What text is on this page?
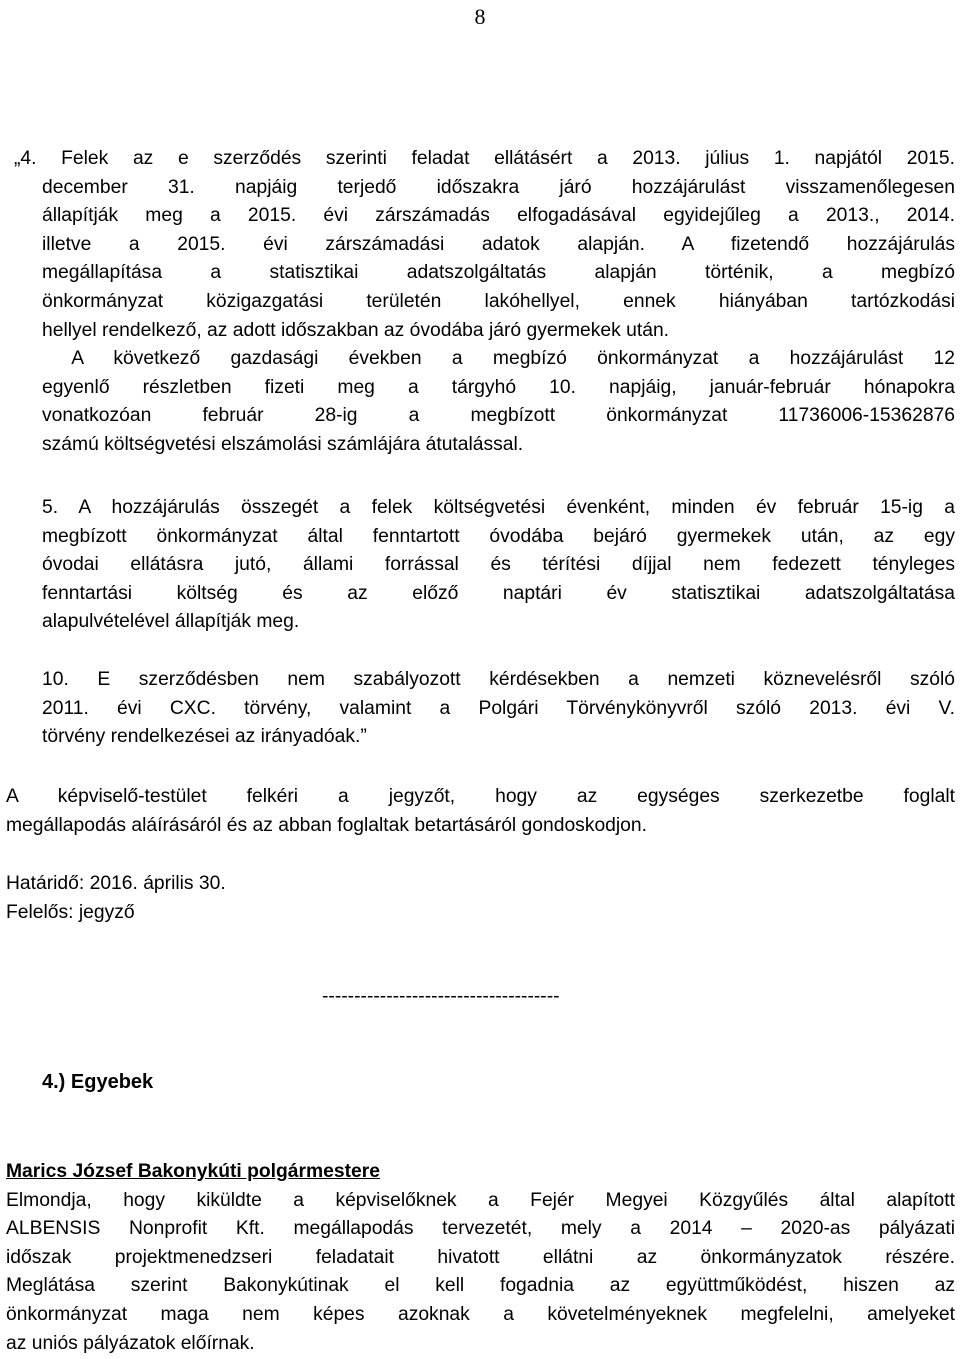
8
„4. Felek az e szerződés szerinti feladat ellátásért a 2013. július 1. napjától 2015.
december 31. napjáig terjedő időszakra járó hozzájárulást visszamenőlegesen
állapítják meg a 2015. évi zárszámadás elfogadásával egyidejűleg a 2013., 2014.
illetve a 2015. évi zárszámadási adatok alapján. A fizetendő hozzájárulás
megállapítása a statisztikai adatszolgáltatás alapján történik, a megbízó
önkormányzat közigazgatási területén lakóhellyel, ennek hiányában tartózkodási
hellyel rendelkező, az adott időszakban az óvodába járó gyermekek után.
A következő gazdasági években a megbízó önkormányzat a hozzájárulást 12
egyenlő részletben fizeti meg a tárgyhó 10. napjáig, január-február hónapokra
vonatkozóan február 28-ig a megbízott önkormányzat 11736006-15362876
számú költségvetési elszámolási számlájára átutalással.
5. A hozzájárulás összegét a felek költségvetési évenként, minden év február 15-ig a
megbízott önkormányzat által fenntartott óvodába bejáró gyermekek után, az egy
óvodai ellátásra jutó, állami forrással és térítési díjjal nem fedezett tényleges
fenntartási költség és az előző naptári év statisztikai adatszolgáltatása
alapulvételével állapítják meg.
10. E szerződésben nem szabályozott kérdésekben a nemzeti köznevelésről szóló
2011. évi CXC. törvény, valamint a Polgári Törvénykönyvről szóló 2013. évi V.
törvény rendelkezései az irányadóak.”
A képviselő-testület felkéri a jegyzőt, hogy az egységes szerkezetbe foglalt
megállapodás aláírásáról és az abban foglaltak betartásáról gondoskodjon.
Határidő: 2016. április 30.
Felelős: jegyző
-------------------------------------
4.) Egyebek
Marics József Bakonykúti polgármestere
Elmondja, hogy kiküldte a képviselőknek a Fejér Megyei Közgyűlés által alapított
ALBENSIS Nonprofit Kft. megállapodás tervezetét, mely a 2014 – 2020-as pályázati
időszak projektmenedzseri feladatait hivatott ellátni az önkormányzatok részére.
Meglátása szerint Bakonykútinak el kell fogadnia az együttműködést, hiszen az
önkormányzat maga nem képes azoknak a követelményeknek megfelelni, amelyeket
az uniós pályázatok előírnak.
